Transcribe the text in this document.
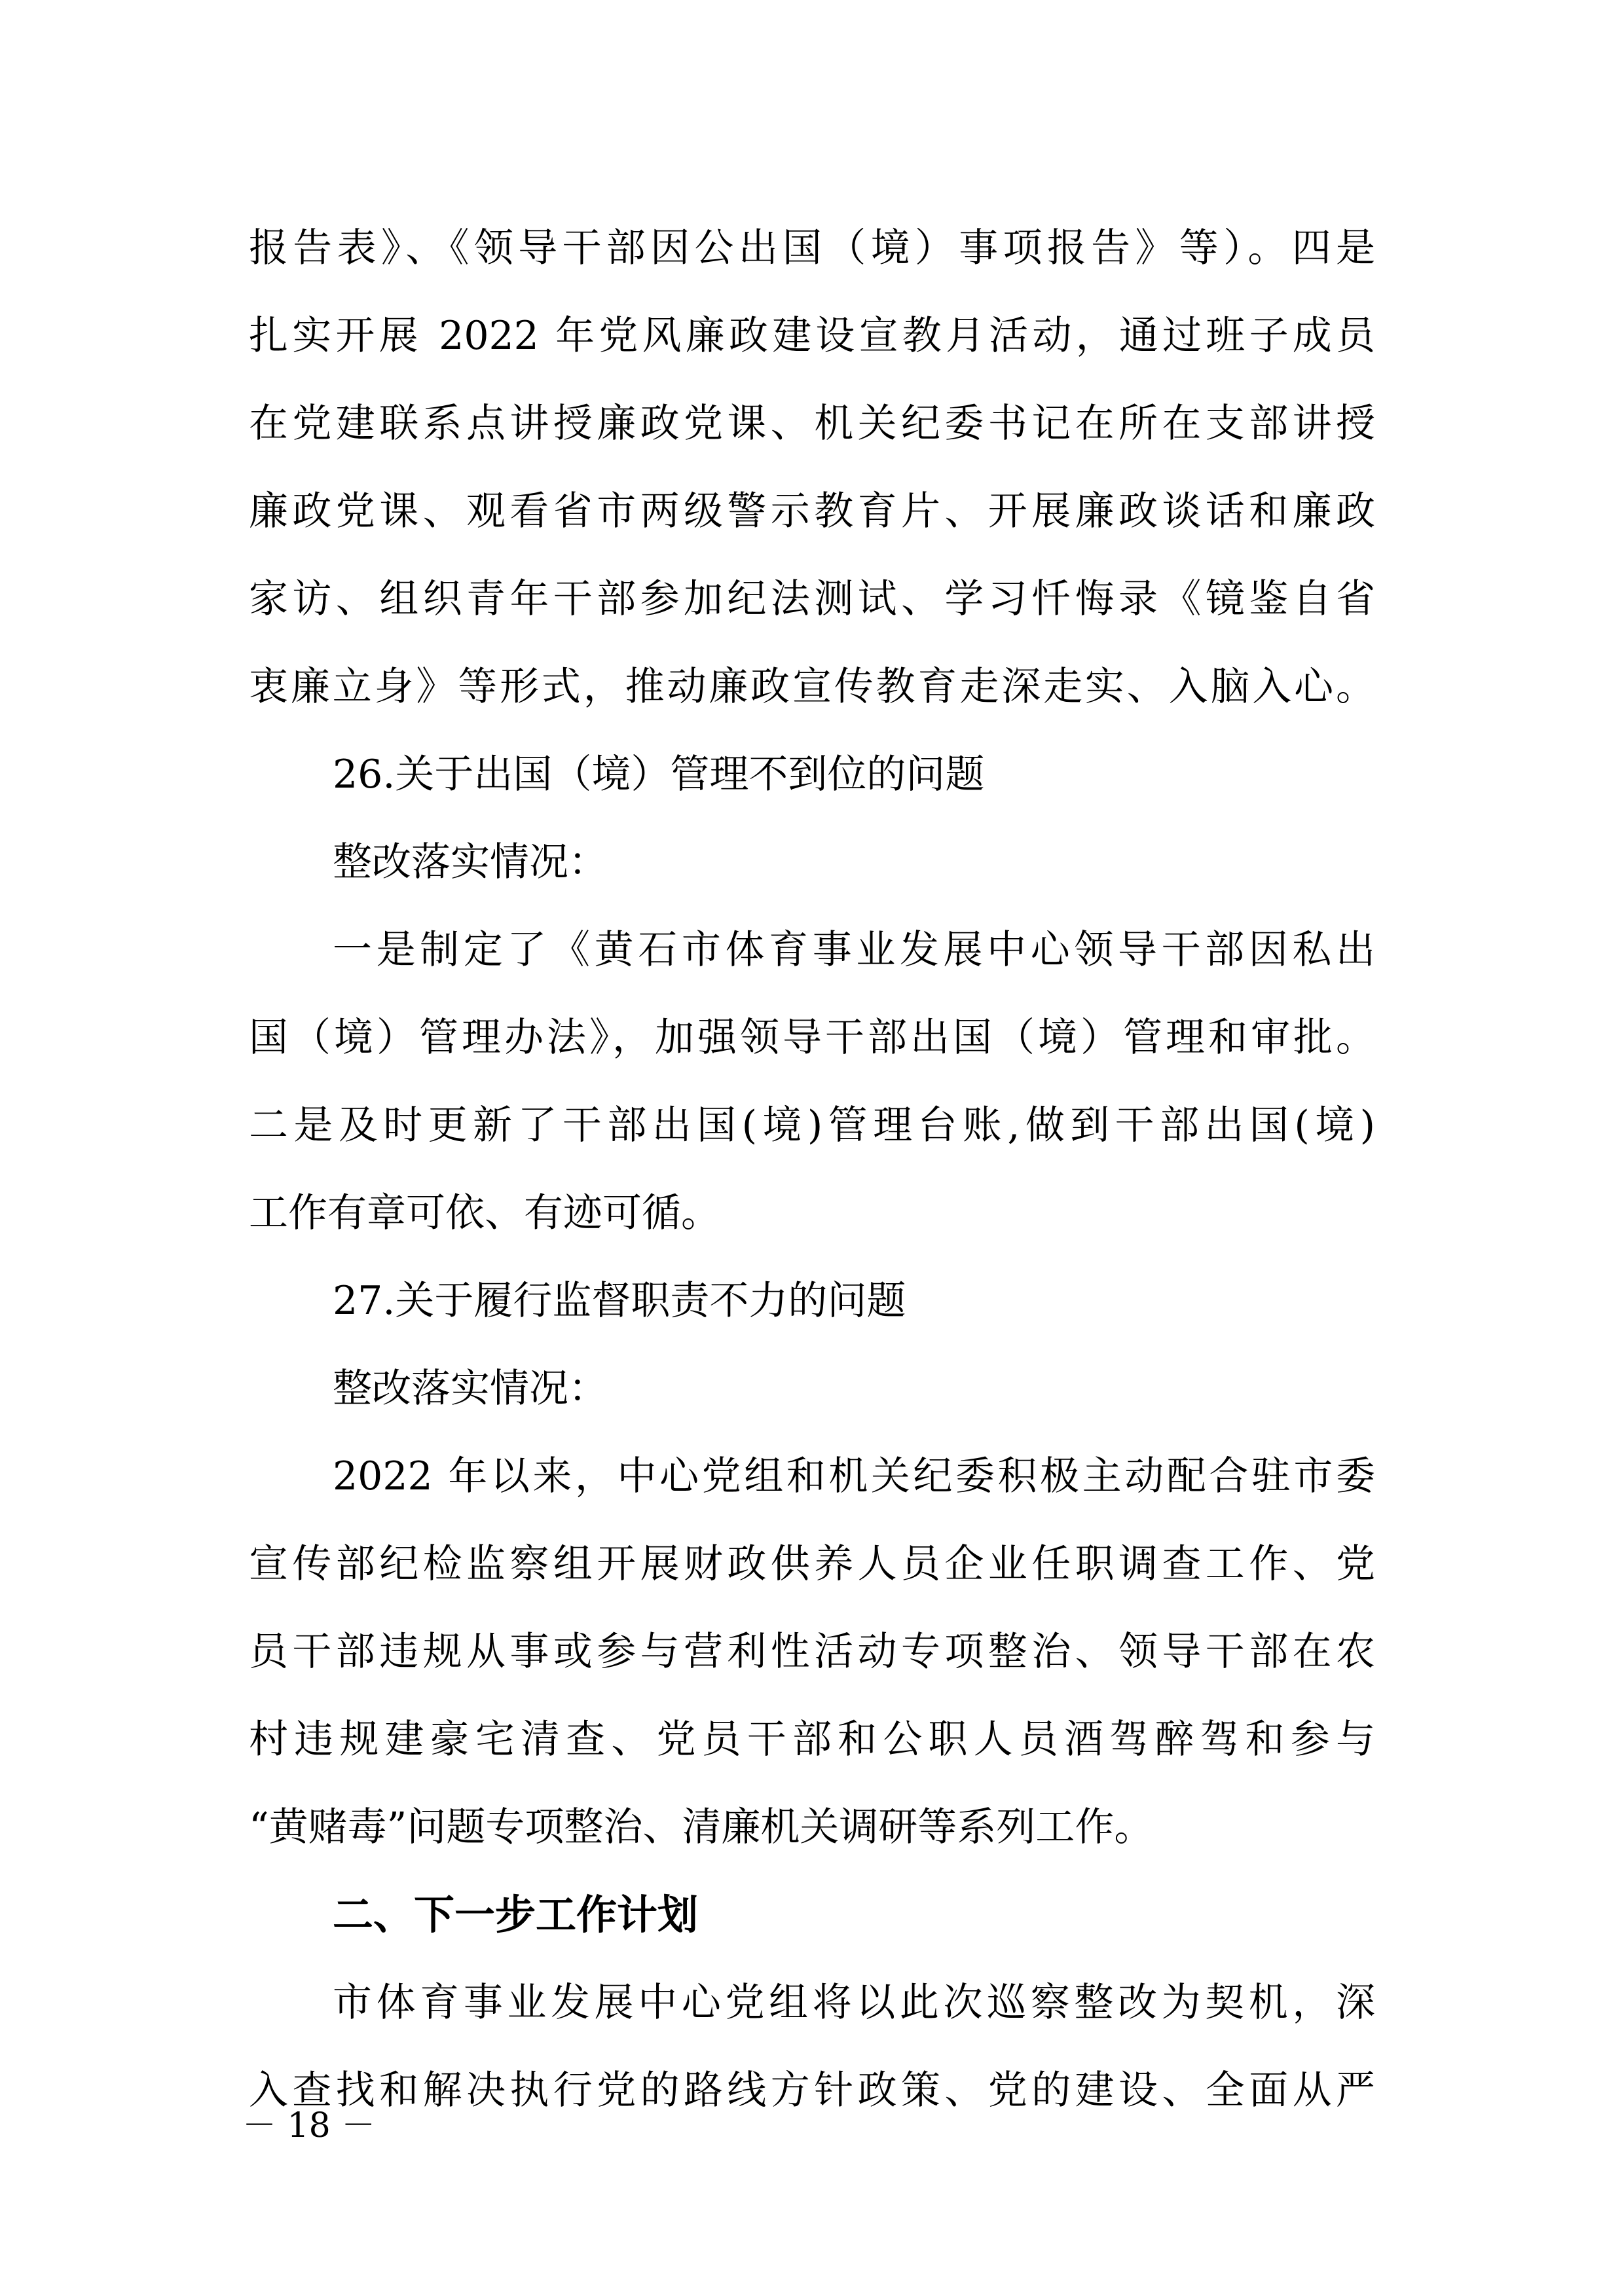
报告表》、《领导干部因公出国（境）事项报告》等）。四是
扎实开展 2022 年党风廉政建设宣教月活动，通过班子成员
在党建联系点讲授廉政党课、机关纪委书记在所在支部讲授
廉政党课、观看省市两级警示教育片、开展廉政谈话和廉政
家访、组织青年干部参加纪法测试、学习忏悔录《镜鉴自省
衷廉立身》等形式，推动廉政宣传教育走深走实、入脑入心。
26.关于出国（境）管理不到位的问题
整改落实情况：
一是制定了《黄石市体育事业发展中心领导干部因私出
国（境）管理办法》，加强领导干部出国（境）管理和审批。
二是及时更新了干部出国(境)管理台账,做到干部出国(境)
工作有章可依、有迹可循。
27.关于履行监督职责不力的问题
整改落实情况：
2022 年以来，中心党组和机关纪委积极主动配合驻市委
宣传部纪检监察组开展财政供养人员企业任职调查工作、党
员干部违规从事或参与营利性活动专项整治、领导干部在农
村违规建豪宅清查、党员干部和公职人员酒驾醉驾和参与
“黄赌毒”问题专项整治、清廉机关调研等系列工作。
二、下一步工作计划
市体育事业发展中心党组将以此次巡察整改为契机，深
入查找和解决执行党的路线方针政策、党的建设、全面从严
－ 18 －
